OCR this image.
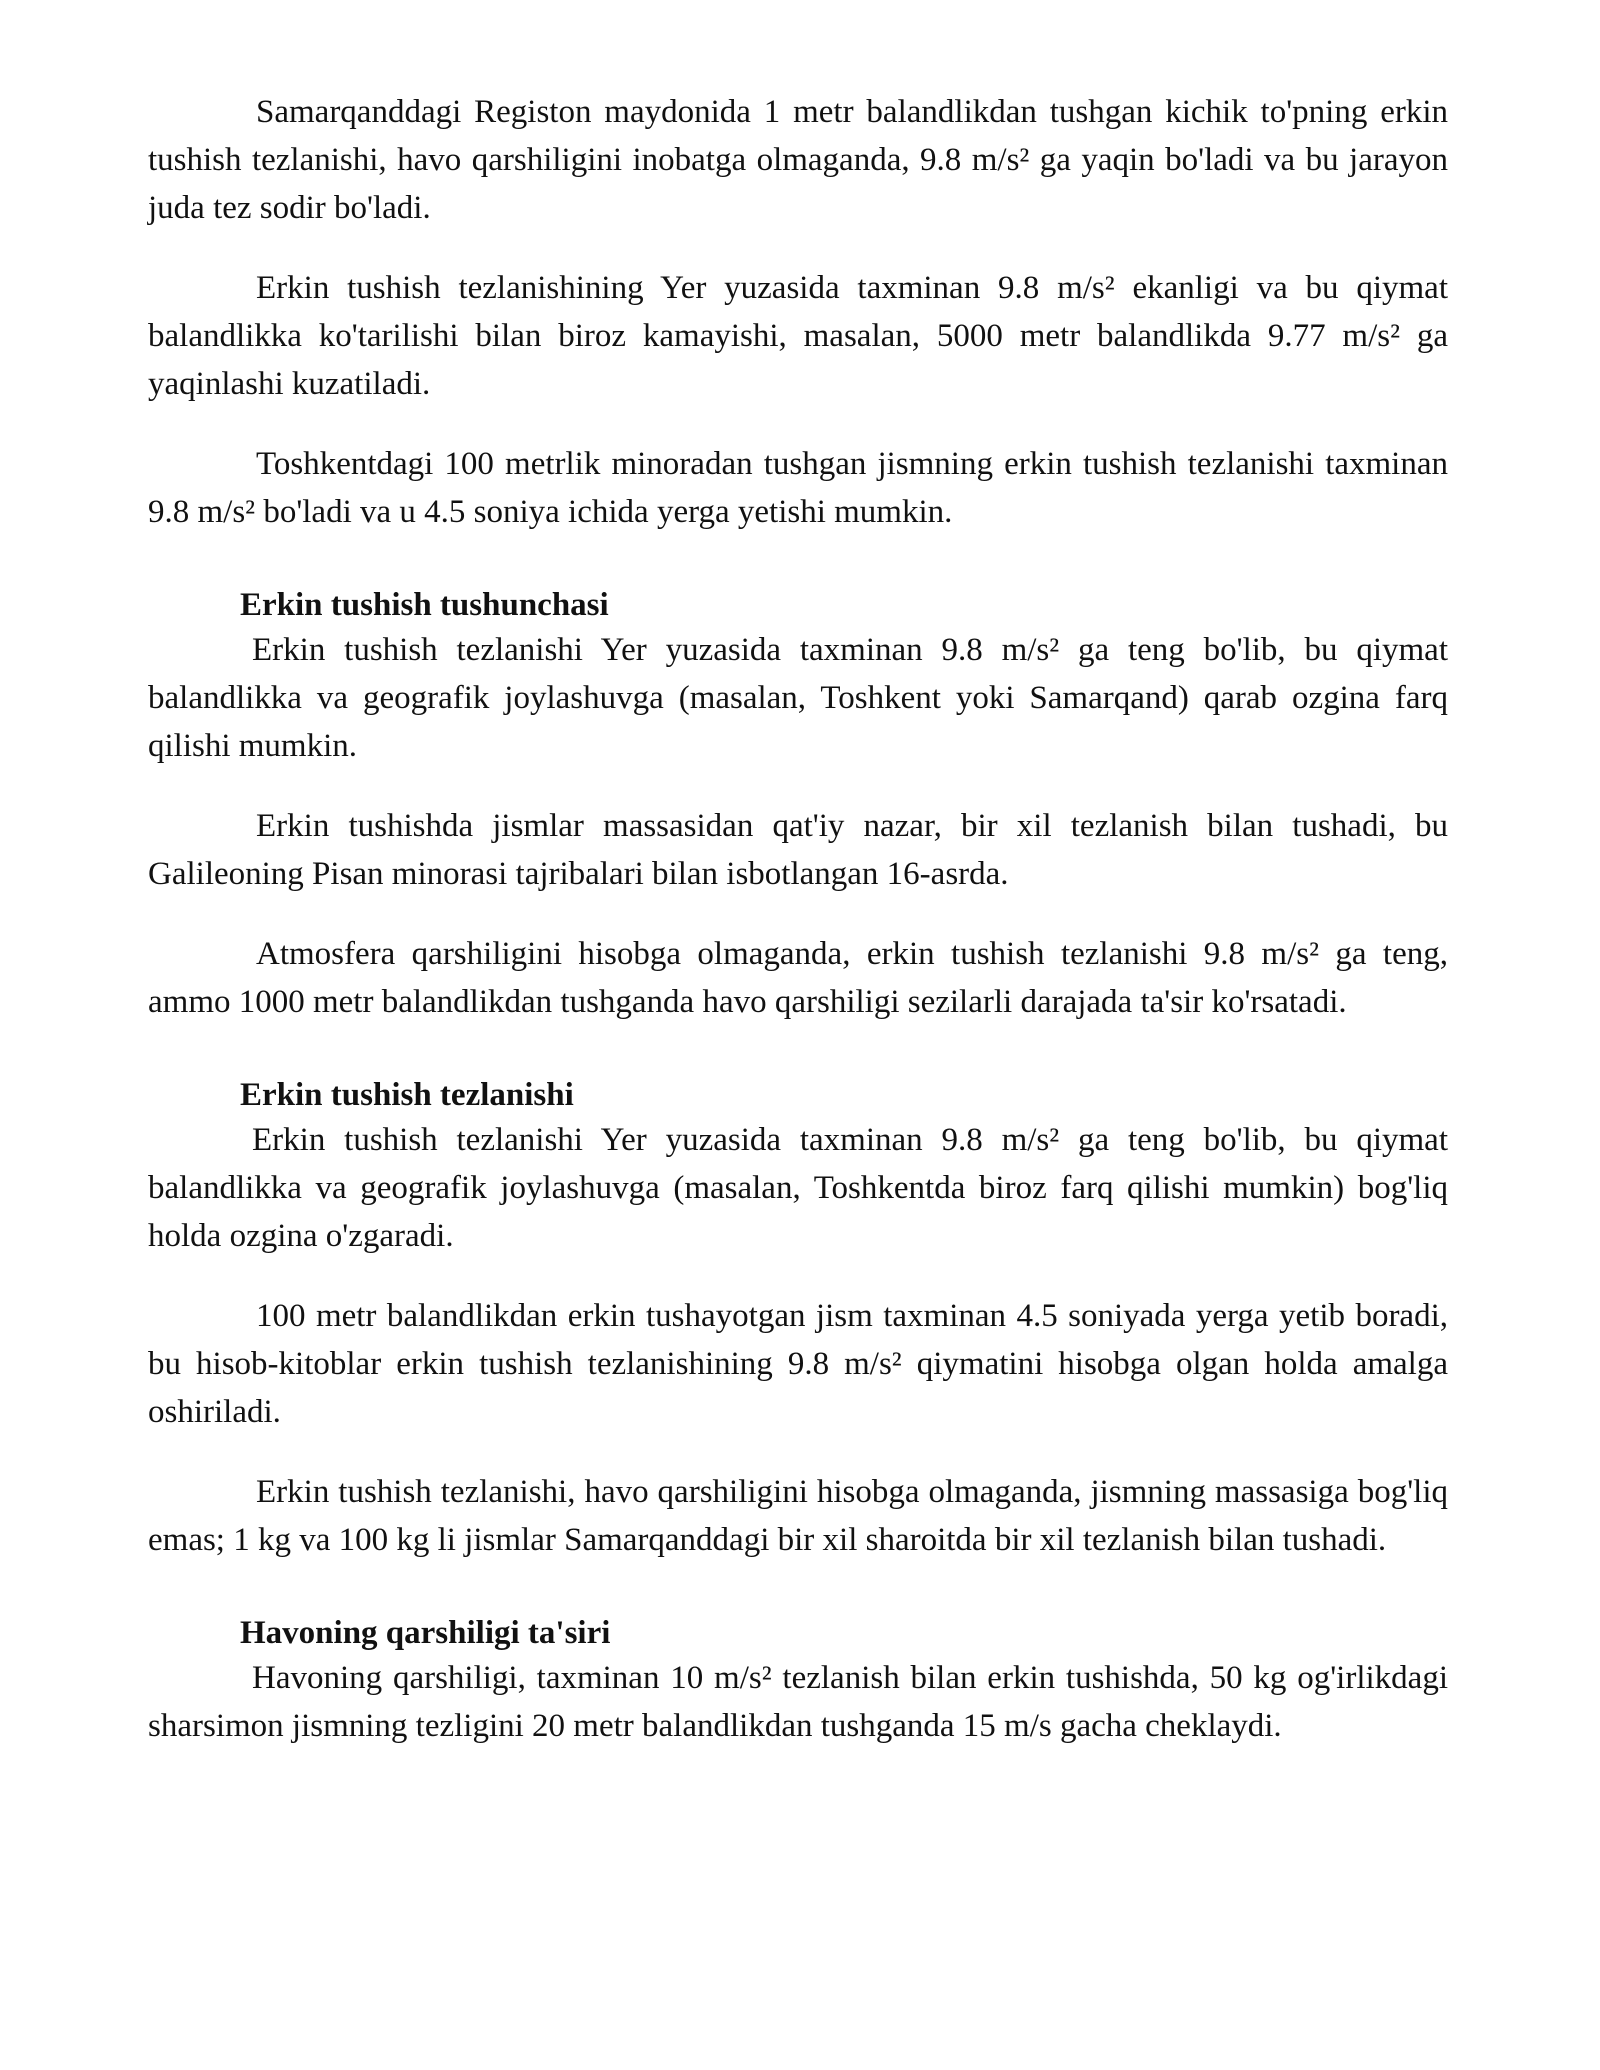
Samarqanddagi Registon maydonida 1 metr balandlikdan tushgan kichik to'pning erkin tushish tezlanishi, havo qarshiligini inobatga olmaganda, 9.8 m/s² ga yaqin bo'ladi va bu jarayon juda tez sodir bo'ladi.

Erkin tushish tezlanishining Yer yuzasida taxminan 9.8 m/s² ekanligi va bu qiymat balandlikka ko'tarilishi bilan biroz kamayishi, masalan, 5000 metr balandlikda 9.77 m/s² ga yaqinlashi kuzatiladi.

Toshkentdagi 100 metrlik minoradan tushgan jismning erkin tushish tezlanishi taxminan 9.8 m/s² bo'ladi va u 4.5 soniya ichida yerga yetishi mumkin.

Erkin tushish tushunchasi

Erkin tushish tezlanishi Yer yuzasida taxminan 9.8 m/s² ga teng bo'lib, bu qiymat balandlikka va geografik joylashuvga (masalan, Toshkent yoki Samarqand) qarab ozgina farq qilishi mumkin.

Erkin tushishda jismlar massasidan qat'iy nazar, bir xil tezlanish bilan tushadi, bu Galileoning Pisan minorasi tajribalari bilan isbotlangan 16-asrda.

Atmosfera qarshiligini hisobga olmaganda, erkin tushish tezlanishi 9.8 m/s² ga teng, ammo 1000 metr balandlikdan tushganda havo qarshiligi sezilarli darajada ta'sir ko'rsatadi.

Erkin tushish tezlanishi

Erkin tushish tezlanishi Yer yuzasida taxminan 9.8 m/s² ga teng bo'lib, bu qiymat balandlikka va geografik joylashuvga (masalan, Toshkentda biroz farq qilishi mumkin) bog'liq holda ozgina o'zgaradi.

100 metr balandlikdan erkin tushayotgan jism taxminan 4.5 soniyada yerga yetib boradi, bu hisob-kitoblar erkin tushish tezlanishining 9.8 m/s² qiymatini hisobga olgan holda amalga oshiriladi.

Erkin tushish tezlanishi, havo qarshiligini hisobga olmaganda, jismning massasiga bog'liq emas; 1 kg va 100 kg li jismlar Samarqanddagi bir xil sharoitda bir xil tezlanish bilan tushadi.

Havoning qarshiligi ta'siri

Havoning qarshiligi, taxminan 10 m/s² tezlanish bilan erkin tushishda, 50 kg og'irlikdagi sharsimon jismning tezligini 20 metr balandlikdan tushganda 15 m/s gacha cheklaydi.
